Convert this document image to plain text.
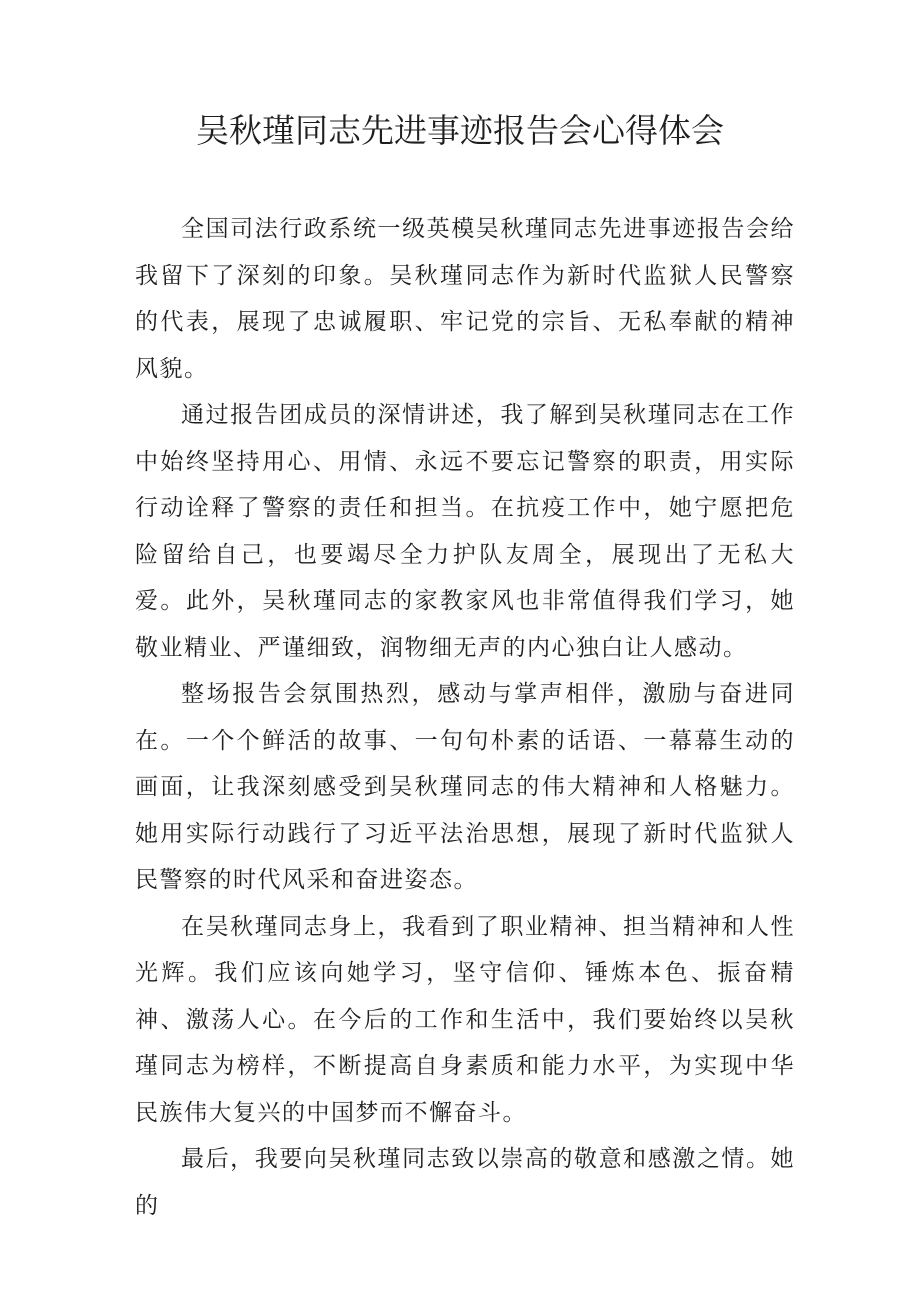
吴秋瑾同志先进事迹报告会心得体会

全国司法行政系统一级英模吴秋瑾同志先进事迹报告会给我留下了深刻的印象。吴秋瑾同志作为新时代监狱人民警察的代表，展现了忠诚履职、牢记党的宗旨、无私奉献的精神风貌。

通过报告团成员的深情讲述，我了解到吴秋瑾同志在工作中始终坚持用心、用情、永远不要忘记警察的职责，用实际行动诠释了警察的责任和担当。在抗疫工作中，她宁愿把危险留给自己，也要竭尽全力护队友周全，展现出了无私大爱。此外，吴秋瑾同志的家教家风也非常值得我们学习，她敬业精业、严谨细致，润物细无声的内心独白让人感动。

整场报告会氛围热烈，感动与掌声相伴，激励与奋进同在。一个个鲜活的故事、一句句朴素的话语、一幕幕生动的画面，让我深刻感受到吴秋瑾同志的伟大精神和人格魅力。她用实际行动践行了习近平法治思想，展现了新时代监狱人民警察的时代风采和奋进姿态。

在吴秋瑾同志身上，我看到了职业精神、担当精神和人性光辉。我们应该向她学习，坚守信仰、锤炼本色、振奋精神、激荡人心。在今后的工作和生活中，我们要始终以吴秋瑾同志为榜样，不断提高自身素质和能力水平，为实现中华民族伟大复兴的中国梦而不懈奋斗。

最后，我要向吴秋瑾同志致以崇高的敬意和感激之情。她的
